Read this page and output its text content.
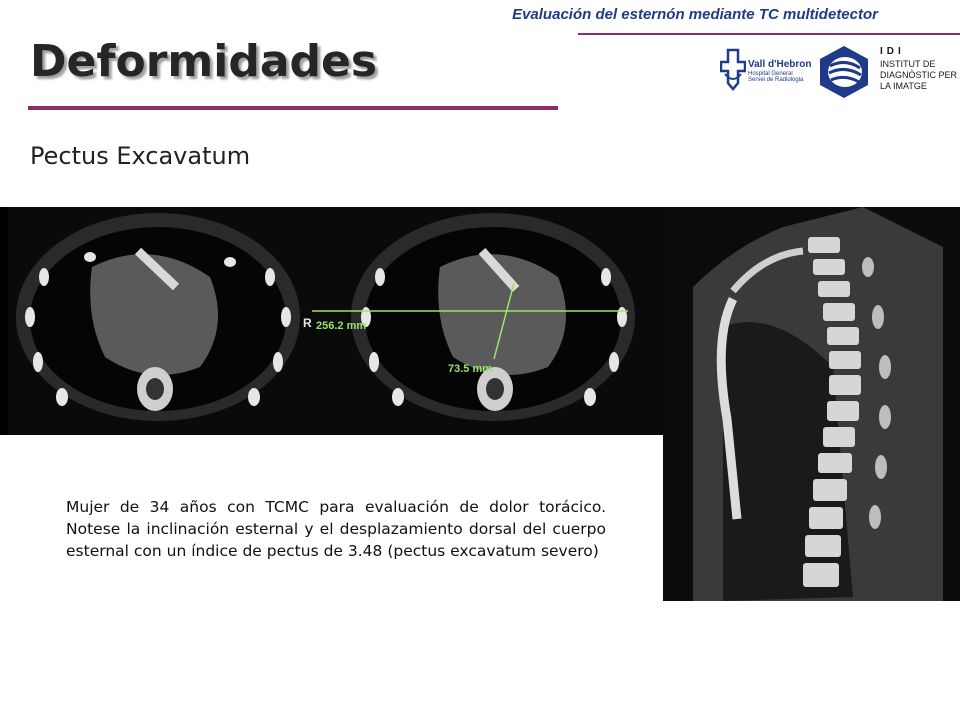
Evaluación del esternón mediante TC multidetector
Deformidades	Vall d'Hebron
Hospital General
Servei de Radiologia
IDI
INSTITUT DE
DIAGNÒSTIC PER
LA IMATGE
Pectus Excavatum
R 256.2 mm
73.5 mm

Mujer de 34 años con TCMC para evaluación de dolor torácico. Notese la inclinación esternal y el desplazamiento dorsal del cuerpo esternal con un índice de pectus de 3.48 (pectus excavatum severo)
